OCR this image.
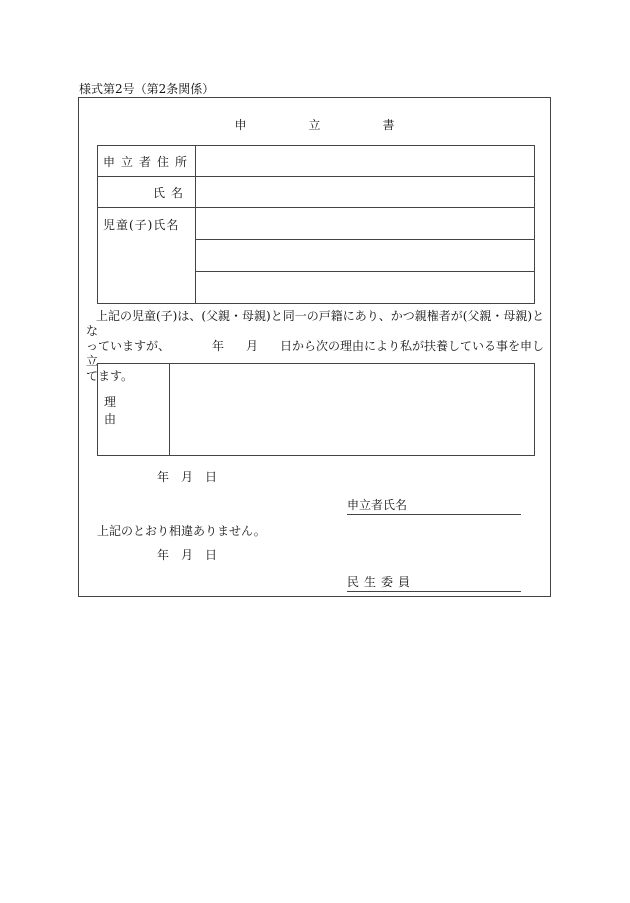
様式第2号（第2条関係）
申立書
申立者住所	

氏名	

児童(子)氏名	

上記の児童(子)は、(父親・母親)と同一の戸籍にあり、かつ親権者が(父親・母親)とな
っていますが、	年 月 日から次の理由により私が扶養している事を申し立
てます。
理由	
年　月　日
申立者氏名
上記のとおり相違ありません。
年　月　日
民生委員
